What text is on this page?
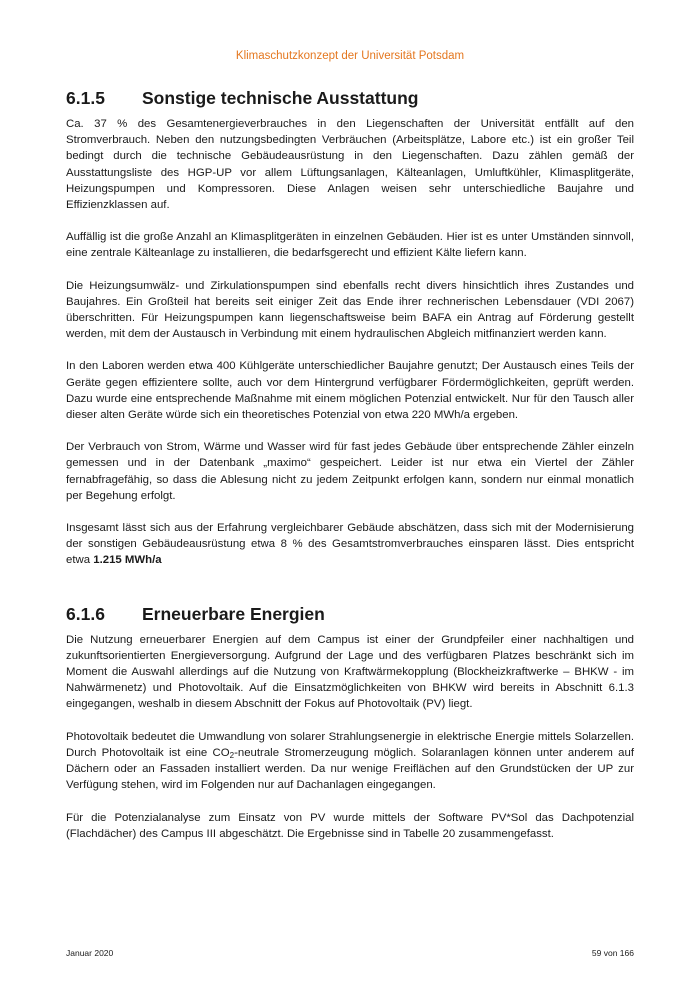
Klimaschutzkonzept der Universität Potsdam
6.1.5	Sonstige technische Ausstattung

Ca. 37 % des Gesamtenergieverbrauches in den Liegenschaften der Universität entfällt auf den Stromverbrauch. Neben den nutzungsbedingten Verbräuchen (Arbeitsplätze, Labore etc.) ist ein großer Teil bedingt durch die technische Gebäudeausrüstung in den Liegenschaften. Dazu zählen gemäß der Ausstattungsliste des HGP-UP vor allem Lüftungsanlagen, Kälteanlagen, Umluftkühler, Klimasplitgeräte, Heizungspumpen und Kompressoren. Diese Anlagen weisen sehr unterschiedliche Baujahre und Effizienzklassen auf.

Auffällig ist die große Anzahl an Klimasplitgeräten in einzelnen Gebäuden. Hier ist es unter Umständen sinnvoll, eine zentrale Kälteanlage zu installieren, die bedarfsgerecht und effizient Kälte liefern kann.

Die Heizungsumwälz- und Zirkulationspumpen sind ebenfalls recht divers hinsichtlich ihres Zustandes und Baujahres. Ein Großteil hat bereits seit einiger Zeit das Ende ihrer rechnerischen Lebensdauer (VDI 2067) überschritten. Für Heizungspumpen kann liegenschaftsweise beim BAFA ein Antrag auf Förderung gestellt werden, mit dem der Austausch in Verbindung mit einem hydraulischen Abgleich mitfinanziert werden kann.

In den Laboren werden etwa 400 Kühlgeräte unterschiedlicher Baujahre genutzt; Der Austausch eines Teils der Geräte gegen effizientere sollte, auch vor dem Hintergrund verfügbarer Fördermöglichkeiten, geprüft werden. Dazu wurde eine entsprechende Maßnahme mit einem möglichen Potenzial entwickelt. Nur für den Tausch aller dieser alten Geräte würde sich ein theoretisches Potenzial von etwa 220 MWh/a ergeben.

Der Verbrauch von Strom, Wärme und Wasser wird für fast jedes Gebäude über entsprechende Zähler einzeln gemessen und in der Datenbank „maximo“ gespeichert. Leider ist nur etwa ein Viertel der Zähler fernabfragefähig, so dass die Ablesung nicht zu jedem Zeitpunkt erfolgen kann, sondern nur einmal monatlich per Begehung erfolgt.

Insgesamt lässt sich aus der Erfahrung vergleichbarer Gebäude abschätzen, dass sich mit der Modernisierung der sonstigen Gebäudeausrüstung etwa 8 % des Gesamtstromverbrauches einsparen lässt. Dies entspricht etwa 1.215 MWh/a

6.1.6	Erneuerbare Energien

Die Nutzung erneuerbarer Energien auf dem Campus ist einer der Grundpfeiler einer nachhaltigen und zukunftsorientierten Energieversorgung. Aufgrund der Lage und des verfügbaren Platzes beschränkt sich im Moment die Auswahl allerdings auf die Nutzung von Kraftwärmekopplung (Blockheizkraftwerke – BHKW - im Nahwärmenetz) und Photovoltaik. Auf die Einsatzmöglichkeiten von BHKW wird bereits in Abschnitt 6.1.3 eingegangen, weshalb in diesem Abschnitt der Fokus auf Photovoltaik (PV) liegt.

Photovoltaik bedeutet die Umwandlung von solarer Strahlungsenergie in elektrische Energie mittels Solarzellen. Durch Photovoltaik ist eine $CO_2$-neutrale Stromerzeugung möglich. Solaranlagen können unter anderem auf Dächern oder an Fassaden installiert werden. Da nur wenige Freiflächen auf den Grundstücken der UP zur Verfügung stehen, wird im Folgenden nur auf Dachanlagen eingegangen.

Für die Potenzialanalyse zum Einsatz von PV wurde mittels der Software PV*Sol das Dachpotenzial (Flachdächer) des Campus III abgeschätzt. Die Ergebnisse sind in Tabelle 20 zusammengefasst.

Januar 2020	59 von 166
